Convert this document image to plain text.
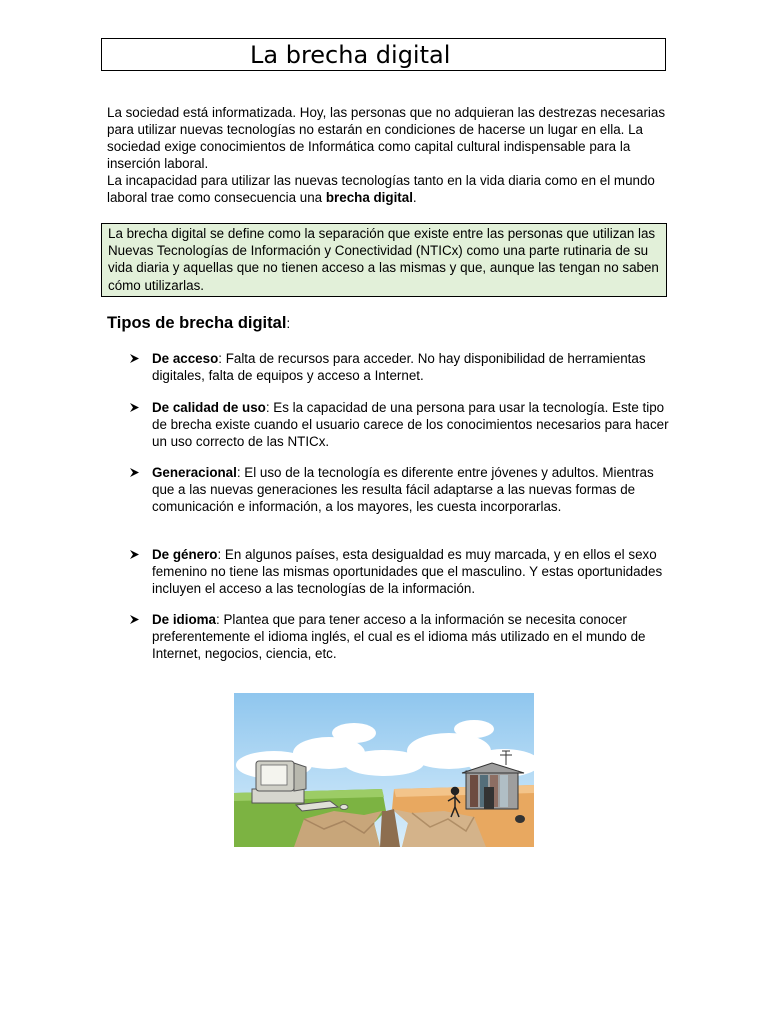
La brecha digital

La sociedad está informatizada. Hoy, las personas que no adquieran las destrezas necesarias para utilizar nuevas tecnologías no estarán en condiciones de hacerse un lugar en ella. La sociedad exige conocimientos de Informática como capital cultural indispensable para la inserción laboral.

La incapacidad para utilizar las nuevas tecnologías tanto en la vida diaria como en el mundo laboral trae como consecuencia una brecha digital.

La brecha digital se define como la separación que existe entre las personas que utilizan las Nuevas Tecnologías de Información y Conectividad (NTICx) como una parte rutinaria de su vida diaria y aquellas que no tienen acceso a las mismas y que, aunque las tengan no saben cómo utilizarlas.
Tipos de brecha digital:
De acceso: Falta de recursos para acceder. No hay disponibilidad de herramientas digitales, falta de equipos y acceso a Internet.
De calidad de uso: Es la capacidad de una persona para usar la tecnología. Este tipo de brecha existe cuando el usuario carece de los conocimientos necesarios para hacer un uso correcto de las NTICx.
Generacional: El uso de la tecnología es diferente entre jóvenes y adultos. Mientras que a las nuevas generaciones les resulta fácil adaptarse a las nuevas formas de comunicación e información, a los mayores, les cuesta incorporarlas.
De género: En algunos países, esta desigualdad es muy marcada, y en ellos el sexo femenino no tiene las mismas oportunidades que el masculino. Y estas oportunidades incluyen el acceso a las tecnologías de la información.
De idioma: Plantea que para tener acceso a la información se necesita conocer preferentemente el idioma inglés, el cual es el idioma más utilizado en el mundo de Internet, negocios, ciencia, etc.
